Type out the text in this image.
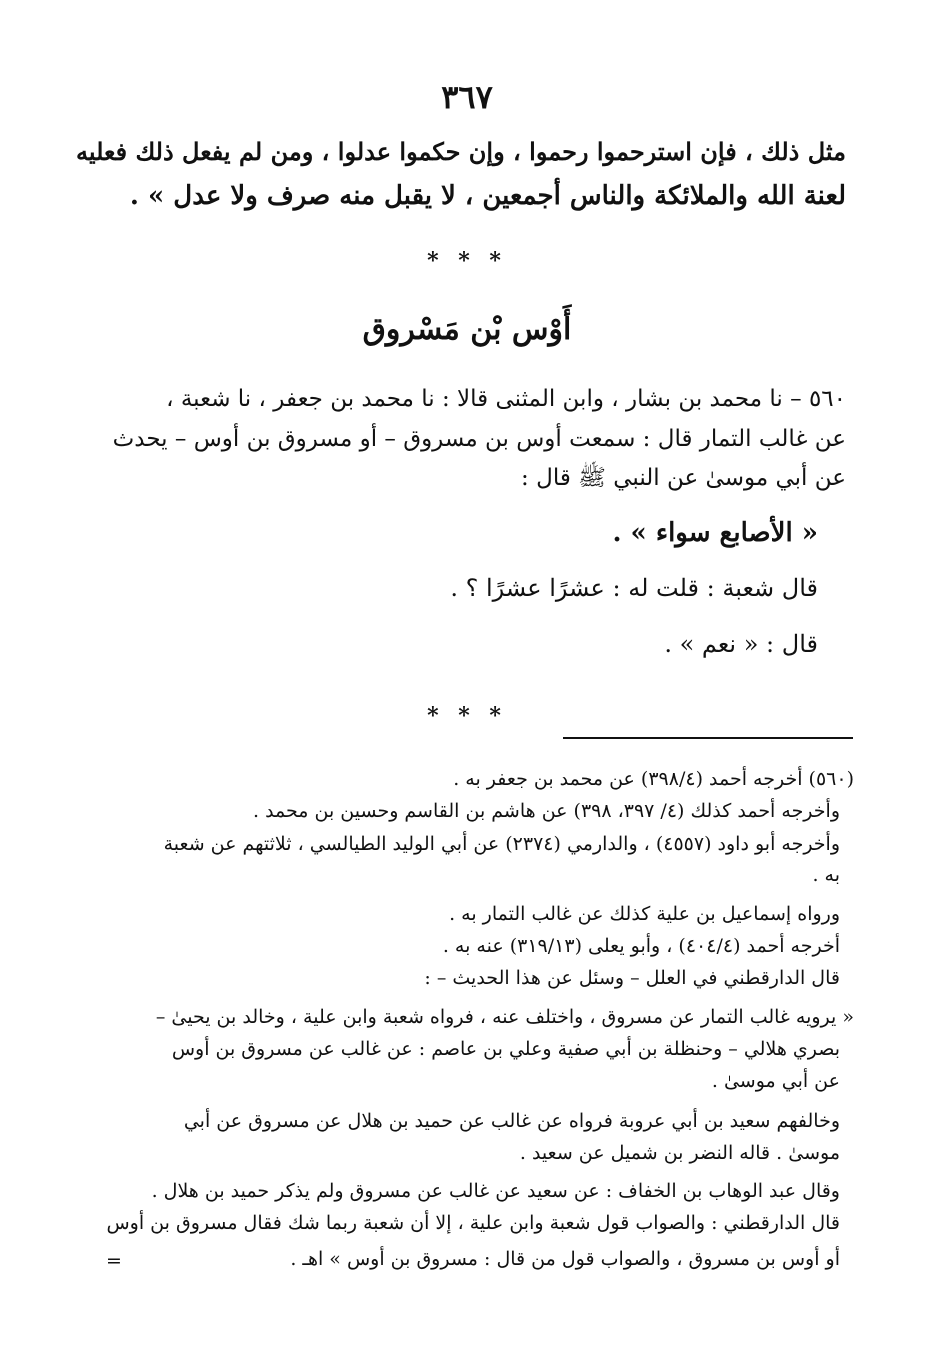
٣٦٧
مثل ذلك ، فإن استرحموا رحموا ، وإن حكموا عدلوا ، ومن لم يفعل ذلك فعليه
لعنة الله والملائكة والناس أجمعين ، لا يقبل منه صرف ولا عدل » .
* * *
أَوْس بْن مَسْروق
٥٦٠ – نا محمد بن بشار ، وابن المثنى قالا : نا محمد بن جعفر ، نا شعبة ،
عن غالب التمار قال : سمعت أوس بن مسروق – أو مسروق بن أوس – يحدث
عن أبي موسىٰ عن النبي ﷺ قال :
« الأصابع سواء » .
قال شعبة : قلت له : عشرًا عشرًا ؟ .
قال : « نعم » .
* * *
(٥٦٠) أخرجه أحمد (٣٩٨/٤) عن محمد بن جعفر به .
وأخرجه أحمد كذلك (٤/ ٣٩٧، ٣٩٨) عن هاشم بن القاسم وحسين بن محمد .
وأخرجه أبو داود (٤٥٥٧) ، والدارمي (٢٣٧٤) عن أبي الوليد الطيالسي ، ثلاثتهم عن شعبة
به .
ورواه إسماعيل بن علية كذلك عن غالب التمار به .
أخرجه أحمد (٤٠٤/٤) ، وأبو يعلى (٣١٩/١٣) عنه به .
قال الدارقطني في العلل – وسئل عن هذا الحديث – :
« يرويه غالب التمار عن مسروق ، واختلف عنه ، فرواه شعبة وابن علية ، وخالد بن يحيىٰ –
بصري هلالي – وحنظلة بن أبي صفية وعلي بن عاصم : عن غالب عن مسروق بن أوس
عن أبي موسىٰ .
وخالفهم سعيد بن أبي عروبة فرواه عن غالب عن حميد بن هلال عن مسروق عن أبي
موسىٰ . قاله النضر بن شميل عن سعيد .
وقال عبد الوهاب بن الخفاف : عن سعيد عن غالب عن مسروق ولم يذكر حميد بن هلال .
قال الدارقطني : والصواب قول شعبة وابن علية ، إلا أن شعبة ربما شك فقال مسروق بن أوس
أو أوس بن مسروق ، والصواب قول من قال : مسروق بن أوس » اهـ .
=
